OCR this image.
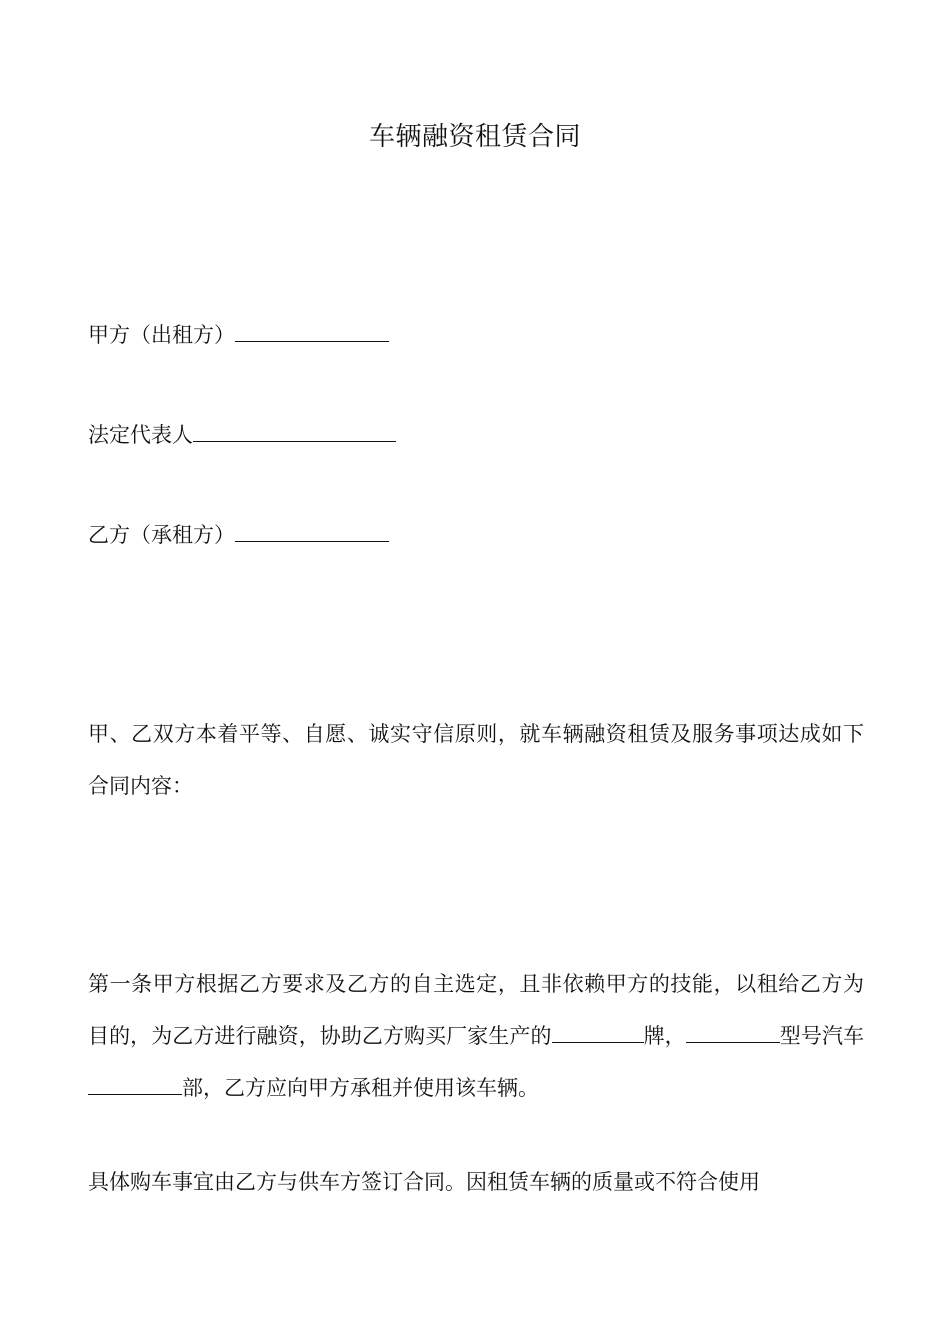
车辆融资租赁合同
甲方（出租方）
法定代表人
乙方（承租方）
甲、乙双方本着平等、自愿、诚实守信原则，就车辆融资租赁及服务事项达成如下合同内容：
第一条甲方根据乙方要求及乙方的自主选定，且非依赖甲方的技能，以租给乙方为目的，为乙方进行融资，协助乙方购买厂家生产的	牌，	型号汽车部，乙方应向甲方承租并使用该车辆。
具体购车事宜由乙方与供车方签订合同。因租赁车辆的质量或不符合使用
